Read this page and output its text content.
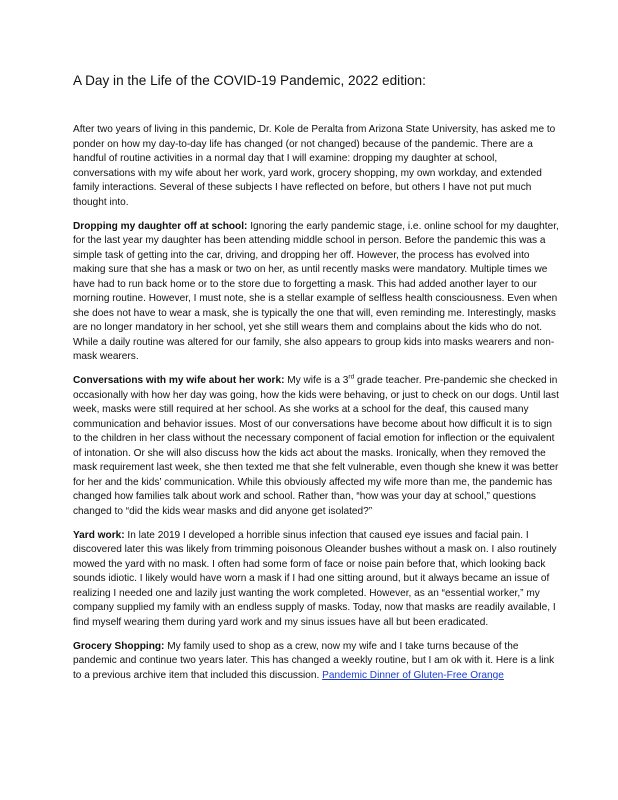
A Day in the Life of the COVID-19 Pandemic, 2022 edition:

After two years of living in this pandemic, Dr. Kole de Peralta from Arizona State University, has asked me to ponder on how my day-to-day life has changed (or not changed) because of the pandemic. There are a handful of routine activities in a normal day that I will examine: dropping my daughter at school, conversations with my wife about her work, yard work, grocery shopping, my own workday, and extended family interactions. Several of these subjects I have reflected on before, but others I have not put much thought into.

Dropping my daughter off at school: Ignoring the early pandemic stage, i.e. online school for my daughter, for the last year my daughter has been attending middle school in person. Before the pandemic this was a simple task of getting into the car, driving, and dropping her off. However, the process has evolved into making sure that she has a mask or two on her, as until recently masks were mandatory. Multiple times we have had to run back home or to the store due to forgetting a mask. This had added another layer to our morning routine. However, I must note, she is a stellar example of selfless health consciousness. Even when she does not have to wear a mask, she is typically the one that will, even reminding me. Interestingly, masks are no longer mandatory in her school, yet she still wears them and complains about the kids who do not. While a daily routine was altered for our family, she also appears to group kids into masks wearers and non-mask wearers.

Conversations with my wife about her work: My wife is a 3rd grade teacher. Pre-pandemic she checked in occasionally with how her day was going, how the kids were behaving, or just to check on our dogs. Until last week, masks were still required at her school. As she works at a school for the deaf, this caused many communication and behavior issues. Most of our conversations have become about how difficult it is to sign to the children in her class without the necessary component of facial emotion for inflection or the equivalent of intonation. Or she will also discuss how the kids act about the masks. Ironically, when they removed the mask requirement last week, she then texted me that she felt vulnerable, even though she knew it was better for her and the kids’ communication. While this obviously affected my wife more than me, the pandemic has changed how families talk about work and school. Rather than, “how was your day at school,” questions changed to “did the kids wear masks and did anyone get isolated?”

Yard work: In late 2019 I developed a horrible sinus infection that caused eye issues and facial pain. I discovered later this was likely from trimming poisonous Oleander bushes without a mask on. I also routinely mowed the yard with no mask. I often had some form of face or noise pain before that, which looking back sounds idiotic. I likely would have worn a mask if I had one sitting around, but it always became an issue of realizing I needed one and lazily just wanting the work completed. However, as an “essential worker,” my company supplied my family with an endless supply of masks. Today, now that masks are readily available, I find myself wearing them during yard work and my sinus issues have all but been eradicated.

Grocery Shopping: My family used to shop as a crew, now my wife and I take turns because of the pandemic and continue two years later. This has changed a weekly routine, but I am ok with it. Here is a link to a previous archive item that included this discussion. Pandemic Dinner of Gluten-Free Orange
